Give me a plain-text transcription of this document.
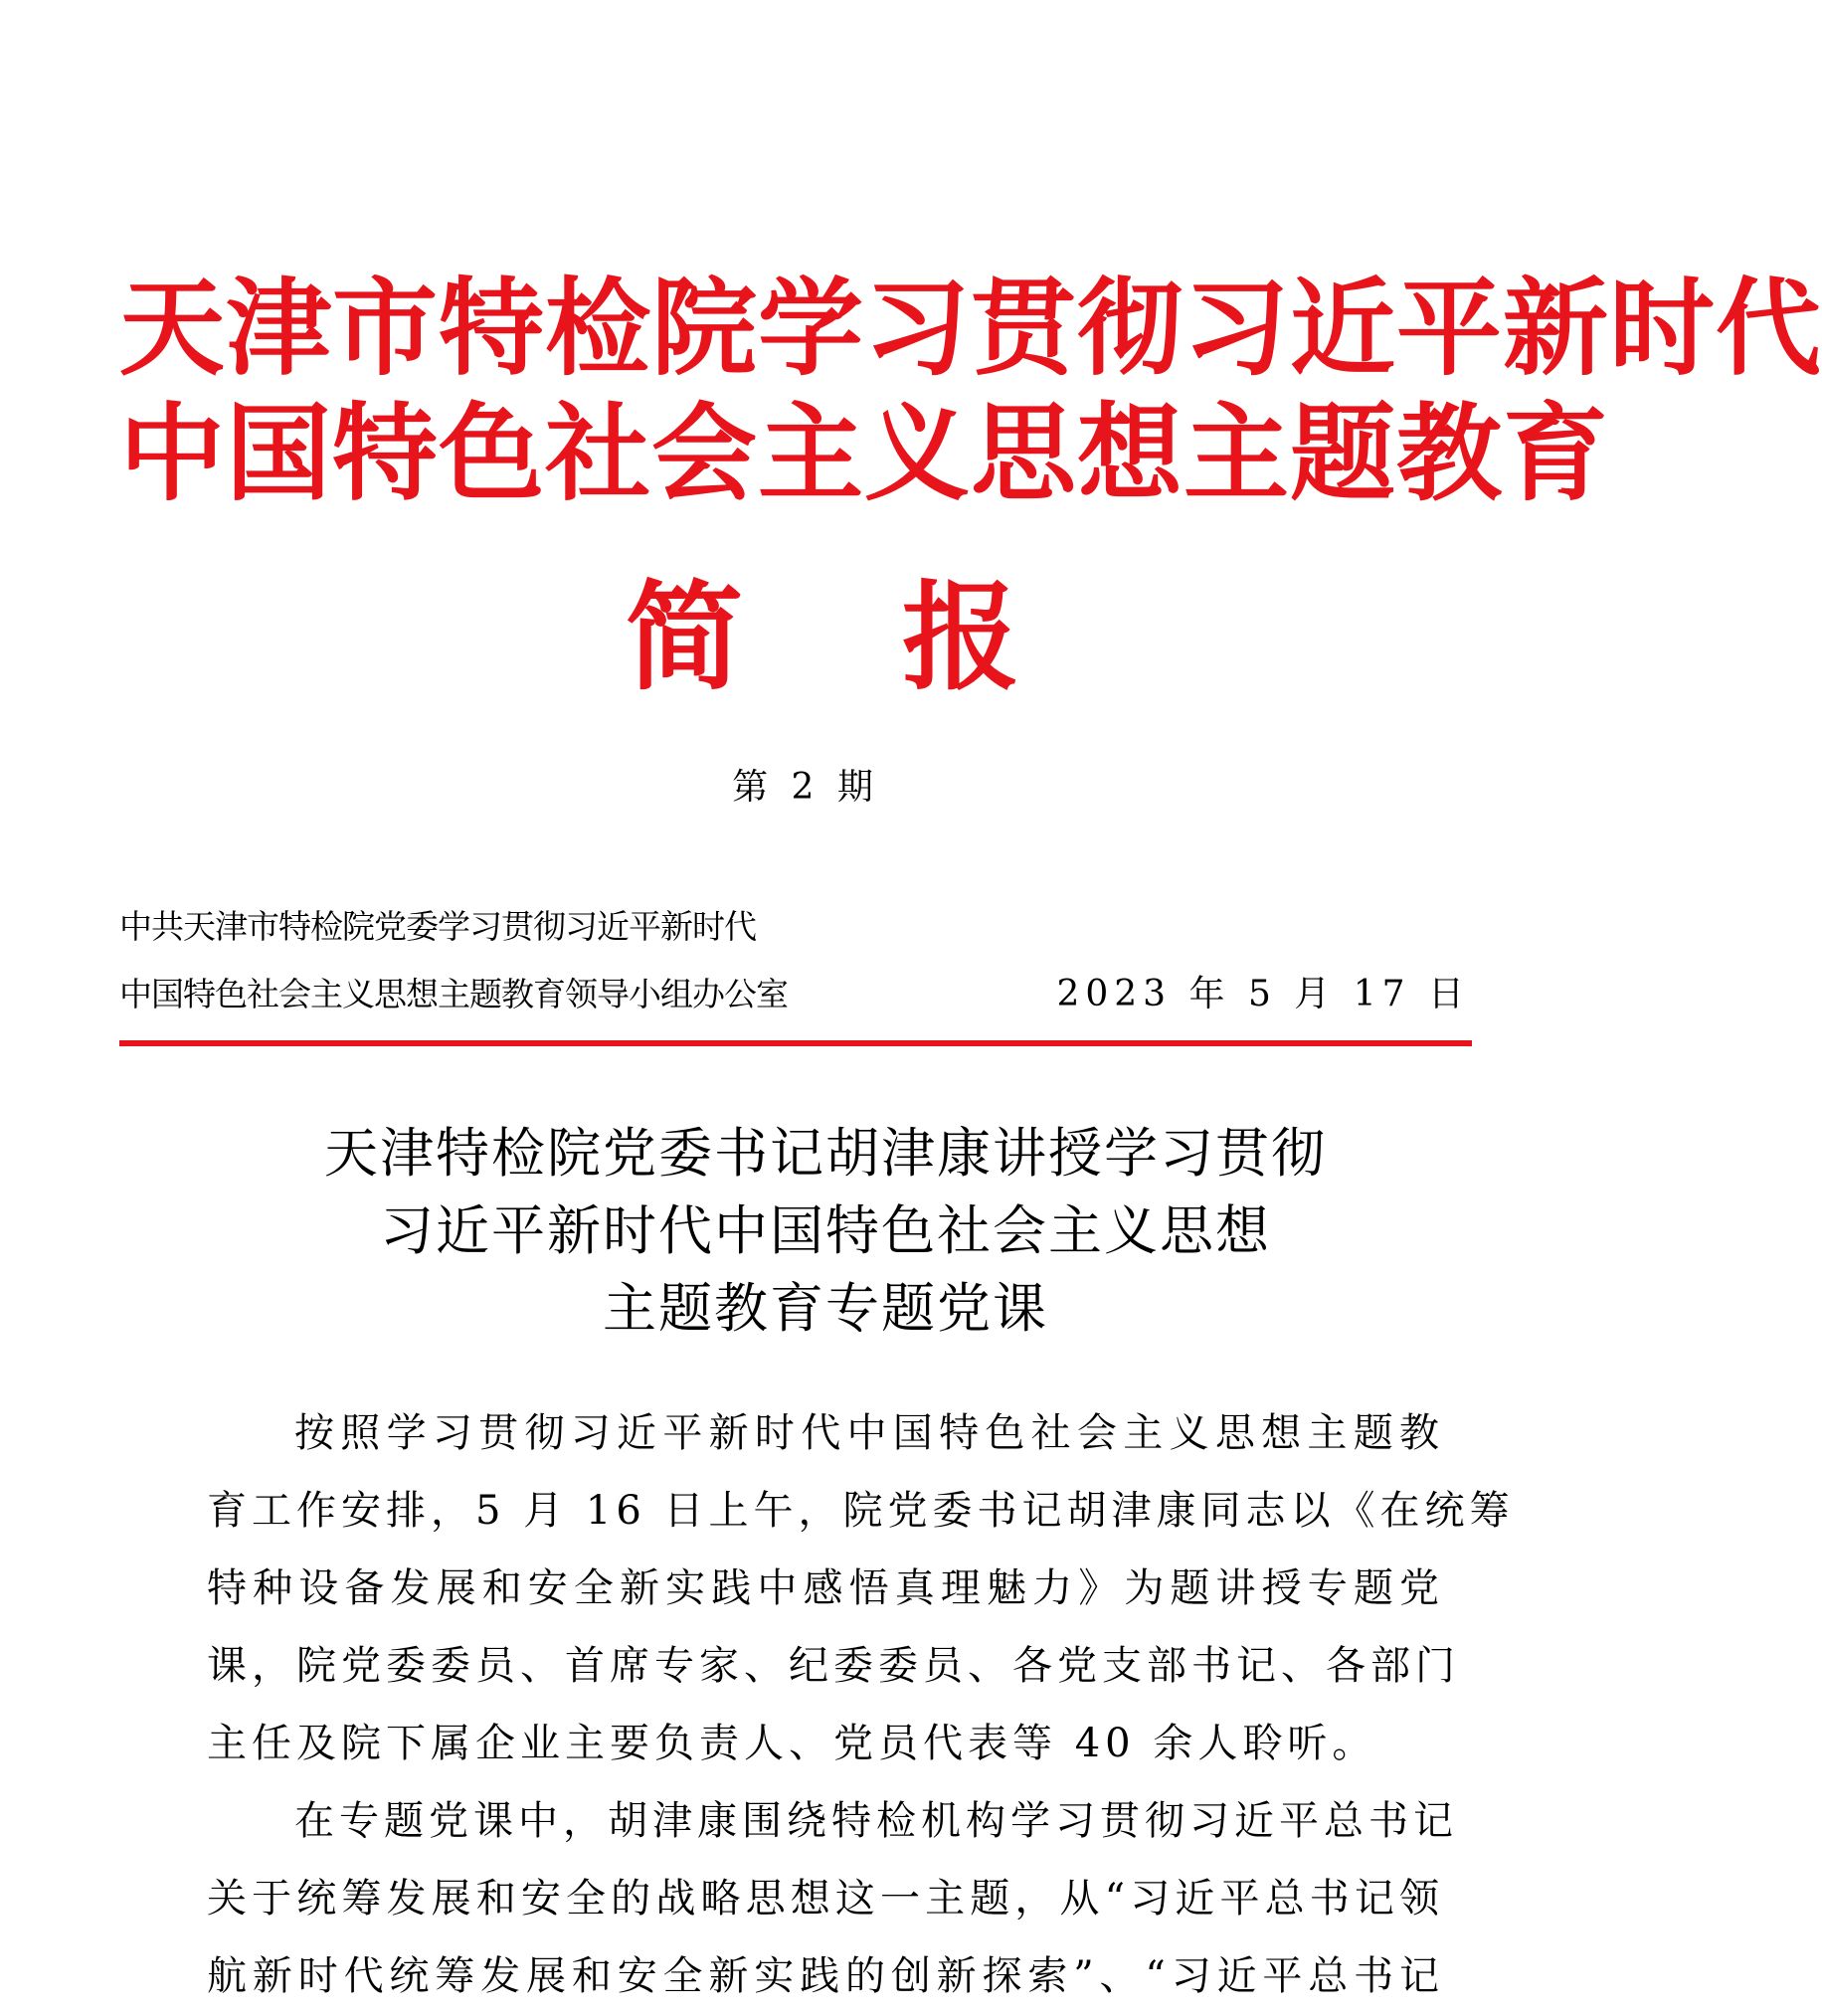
天津市特检院学习贯彻习近平新时代
中国特色社会主义思想主题教育
简报
第 2 期
中共天津市特检院党委学习贯彻习近平新时代
中国特色社会主义思想主题教育领导小组办公室	2023 年 5 月 17 日
天津特检院党委书记胡津康讲授学习贯彻
习近平新时代中国特色社会主义思想
主题教育专题党课
按照学习贯彻习近平新时代中国特色社会主义思想主题教
育工作安排，5 月 16 日上午，院党委书记胡津康同志以《在统筹
特种设备发展和安全新实践中感悟真理魅力》为题讲授专题党
课，院党委委员、首席专家、纪委委员、各党支部书记、各部门
主任及院下属企业主要负责人、党员代表等 40 余人聆听。
在专题党课中，胡津康围绕特检机构学习贯彻习近平总书记
关于统筹发展和安全的战略思想这一主题，从“习近平总书记领
航新时代统筹发展和安全新实践的创新探索”、“习近平总书记
